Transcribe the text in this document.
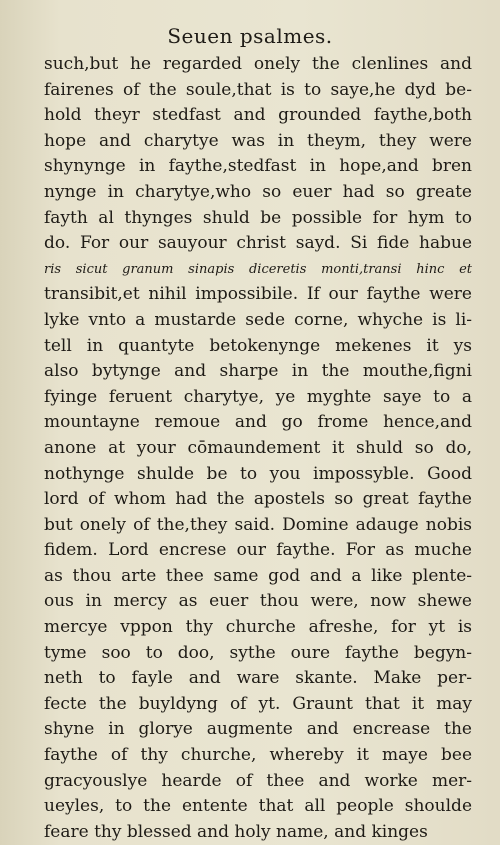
Seuen psalmes.
such,but he regarded onely the clenlines and
fairenes of the soule,that is to saye,he dyd be-
hold theyr stedfast and grounded faythe,both
hope and charytye was in theym, they were
shynynge in faythe,stedfast in hope,and bren
nynge in charytye,who so euer had so greate
fayth al thynges shuld be possible for hym to
do. For our sauyour christ sayd. Si fide habue
ris sicut granum sinapis diceretis monti,transi hinc et
transibit,et nihil impossibile. If our faythe were
lyke vnto a mustarde sede corne, whyche is li-
tell in quantyte betokenynge mekenes it ys
also bytynge and sharpe in the mouthe,figni
fyinge feruent charytye, ye myghte saye to a
mountayne remoue and go frome hence,and
anone at your cōmaundement it shuld so do,
nothynge shulde be to you impossyble. Good
lord of whom had the apostels so great faythe
but onely of the,they said. Domine adauge nobis
fidem. Lord encrese our faythe. For as muche
as thou arte thee same god and a like plente-
ous in mercy as euer thou were, now shewe
mercye vppon thy churche afreshe, for yt is
tyme soo to doo, sythe oure faythe begyn-
neth to fayle and ware skante. Make per-
fecte the buyldyng of yt. Graunt that it may
shyne in glorye augmente and encrease the
faythe of thy churche, whereby it maye bee
gracyouslye hearde of thee and worke mer-
ueyles, to the entente that all people shoulde
feare thy blessed and holy name, and kinges
